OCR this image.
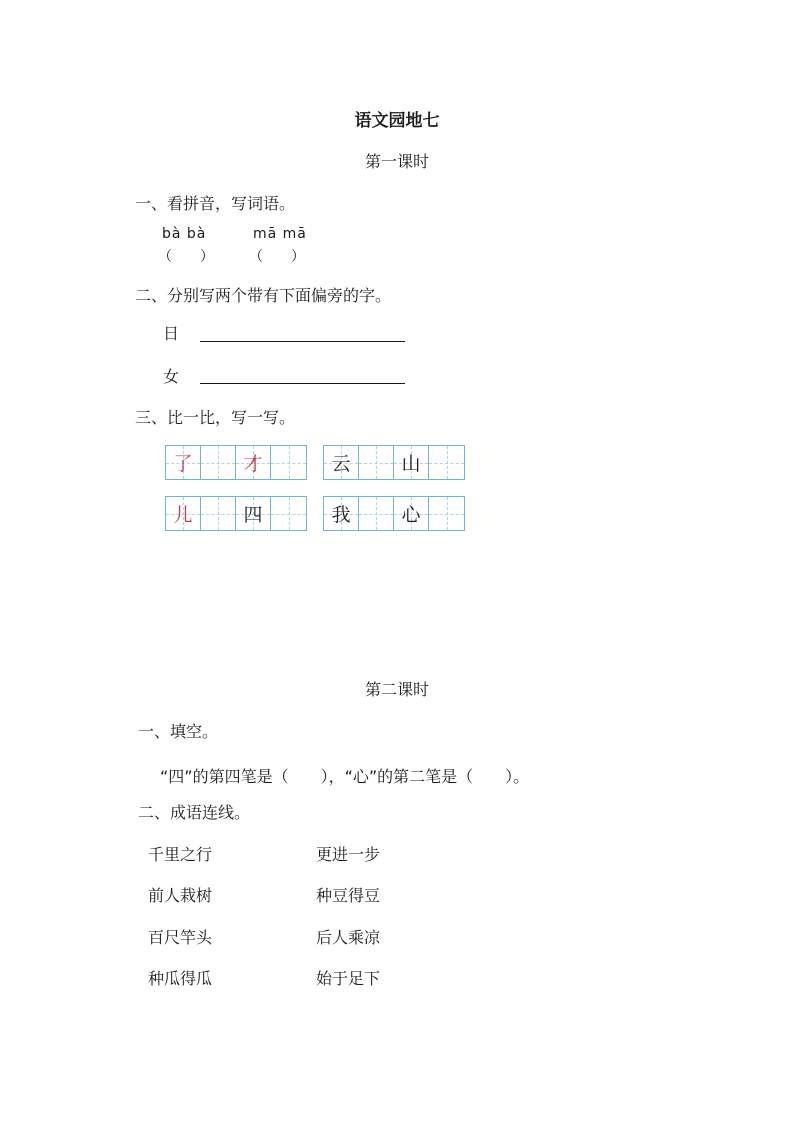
语文园地七
第一课时
一、看拼音，写词语。
bà bà	mā mā
（　　）	（　　）
二、分别写两个带有下面偏旁的字。
日
女
三、比一比，写一写。
了	才	云	山
儿	四	我	心
第二课时
一、填空。
“四”的第四笔是（　　），“心”的第二笔是（　　）。
二、成语连线。
千里之行	更进一步
前人栽树	种豆得豆
百尺竿头	后人乘凉
种瓜得瓜	始于足下
